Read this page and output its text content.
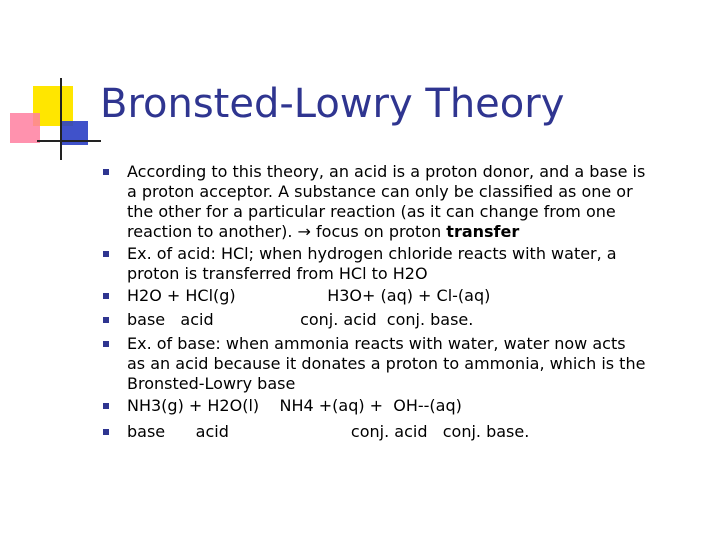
Bronsted-Lowry Theory
According to this theory, an acid is a proton donor, and a base is
a proton acceptor. A substance can only be classified as one or
the other for a particular reaction (as it can change from one
reaction to another). → focus on proton transfer
Ex. of acid: HCl; when hydrogen chloride reacts with water, a
proton is transferred from HCl to H2O
H2O + HCl(g)                  H3O+ (aq) + Cl-(aq)
base   acid                 conj. acid  conj. base.
Ex. of base: when ammonia reacts with water, water now acts
as an acid because it donates a proton to ammonia, which is the
Bronsted-Lowry base
NH3(g) + H2O(l)    NH4 +(aq) +  OH--(aq)
base      acid                        conj. acid   conj. base.
